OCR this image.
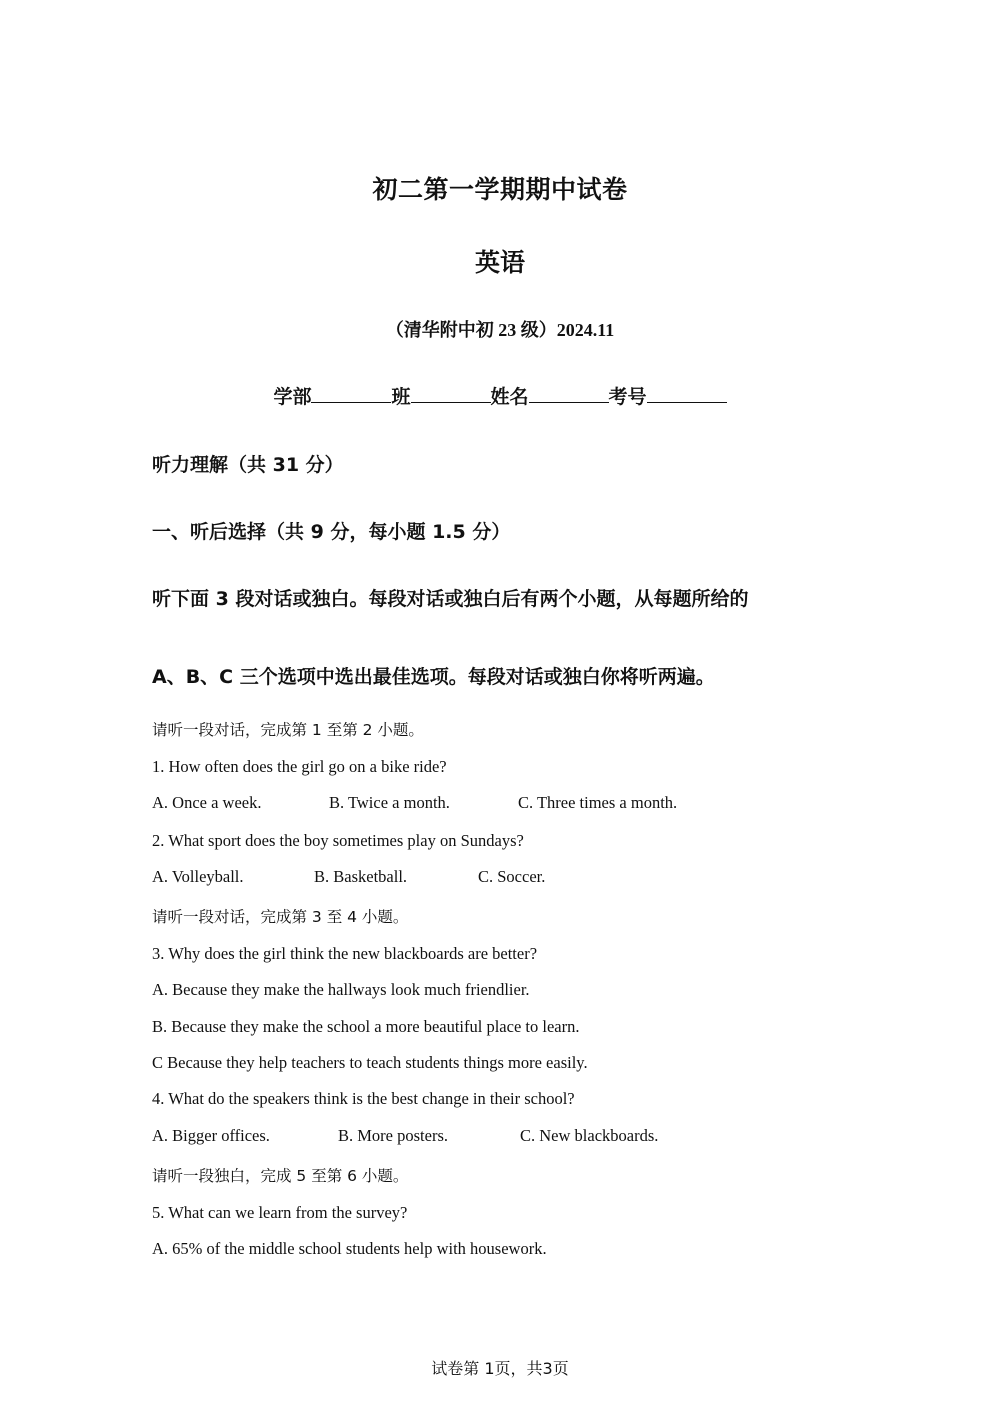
初二第一学期期中试卷
英语
（清华附中初 23 级）2024.11
学部	班	姓名	考号
听力理解（共 31 分）
一、听后选择（共 9 分，每小题 1.5 分）
听下面 3 段对话或独白。每段对话或独白后有两个小题，从每题所给的
A、B、C 三个选项中选出最佳选项。每段对话或独白你将听两遍。
请听一段对话，完成第 1 至第 2 小题。
1. How often does the girl go on a bike ride?
A. Once a week.	B. Twice a month.	C. Three times a month.
2. What sport does the boy sometimes play on Sundays?
A. Volleyball.	B. Basketball.	C. Soccer.
请听一段对话，完成第 3 至 4 小题。
3. Why does the girl think the new blackboards are better?
A. Because they make the hallways look much friendlier.
B. Because they make the school a more beautiful place to learn.
C Because they help teachers to teach students things more easily.
4. What do the speakers think is the best change in their school?
A. Bigger offices.	B. More posters.	C. New blackboards.
请听一段独白，完成 5 至第 6 小题。
5. What can we learn from the survey?
A. 65% of the middle school students help with housework.
试卷第 1页，共3页
